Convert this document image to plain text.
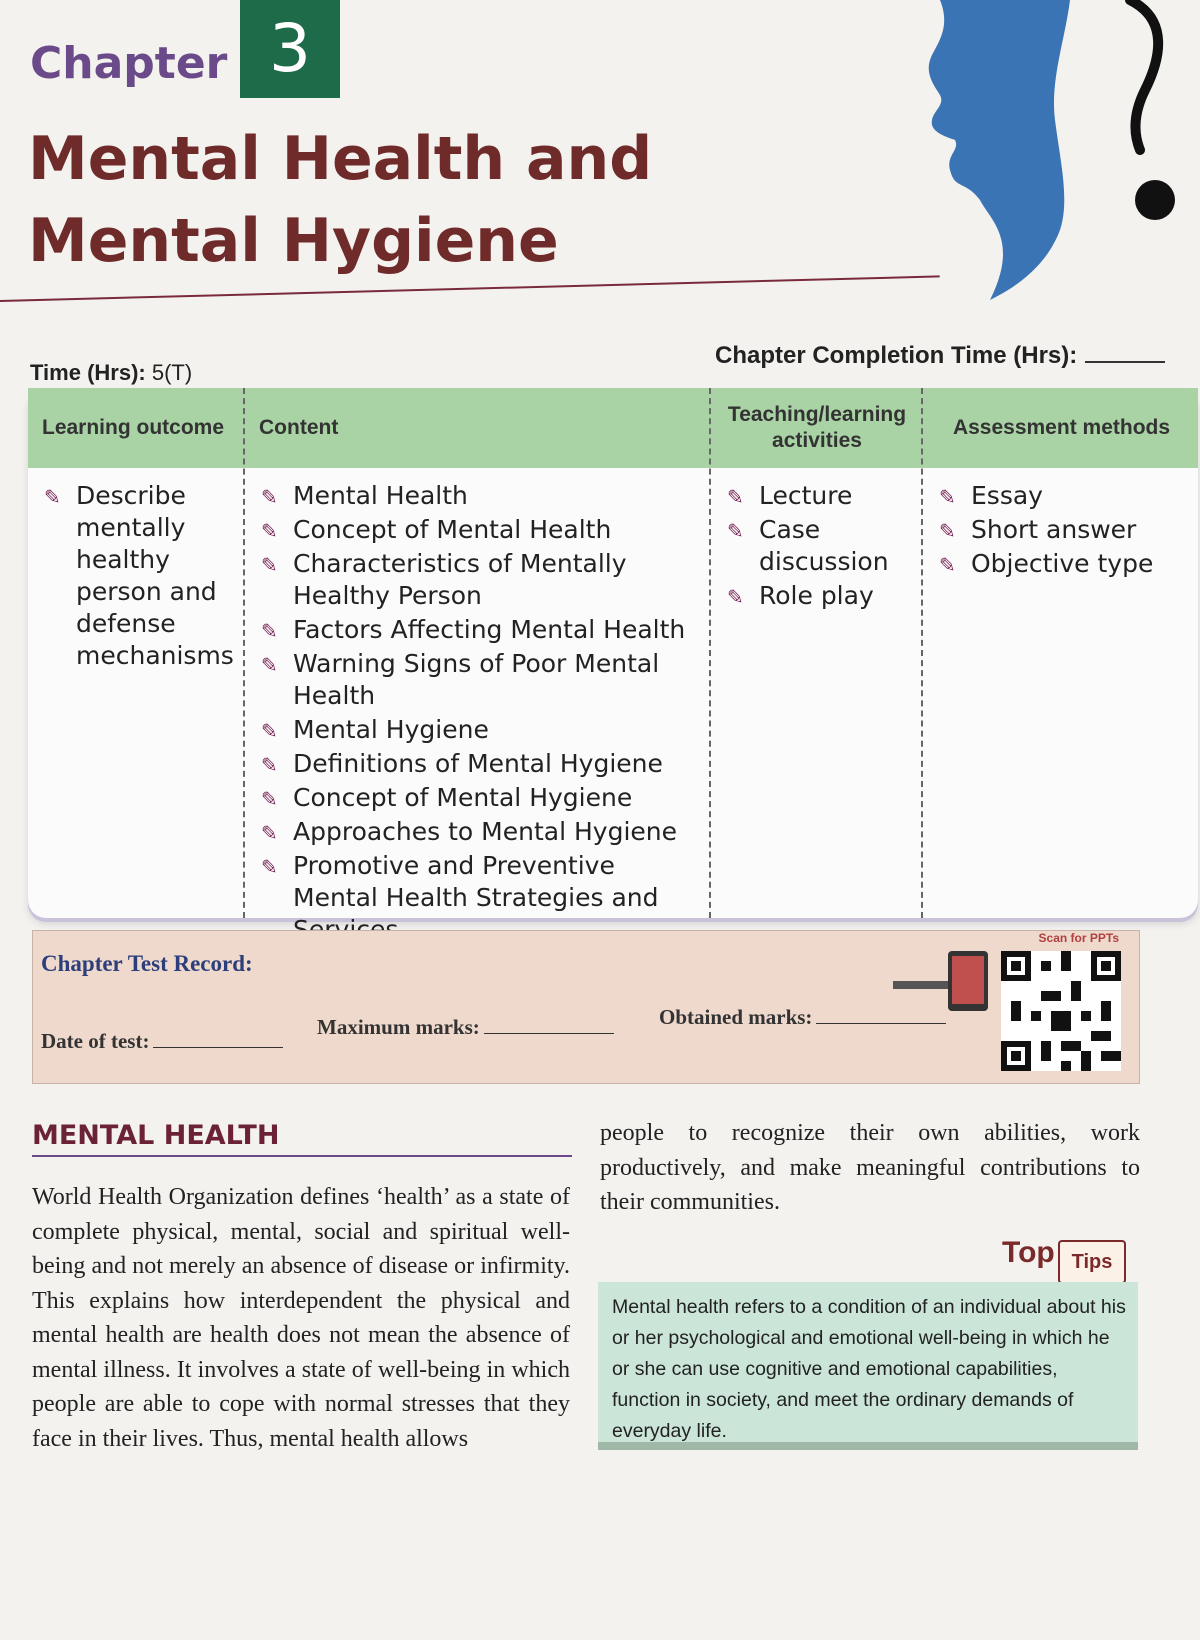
Chapter 3
Mental Health and
Mental Hygiene
Time (Hrs): 5(T)
Chapter Completion Time (Hrs):
Learning outcome
✎ Describe mentally healthy person and defense mechanisms
Content
✎ Mental Health
✎ Concept of Mental Health
✎ Characteristics of Mentally Healthy Person
✎ Factors Affecting Mental Health
✎ Warning Signs of Poor Mental Health
✎ Mental Hygiene
✎ Definitions of Mental Hygiene
✎ Concept of Mental Hygiene
✎ Approaches to Mental Hygiene
✎ Promotive and Preventive Mental Health Strategies and
Teaching/learning activities
✎ Lecture
✎ Case discussion
✎ Role play
Assessment methods
✎ Essay
✎ Short answer
✎ Objective type
Chapter Test Record:
Date of test:
Maximum marks:	Obtained marks:
Scan for PPTs
MENTAL HEALTH
World Health Organization defines ‘health’ as a state of complete physical, mental, social and spiritual well-being and not merely an absence of disease or infirmity. This explains how interdependent the physical and mental health are health does not mean the absence of mental illness. It involves a state of well-being in which people are able to cope with normal stresses that they face in their lives. Thus, mental health allows
people to recognize their own abilities, work productively, and make meaningful contributions to their communities.
Top Tips
Mental health refers to a condition of an individual about his or her psychological and emotional well-being in which he or she can use cognitive and emotional capabilities, function in society, and meet the ordinary demands of everyday life.
